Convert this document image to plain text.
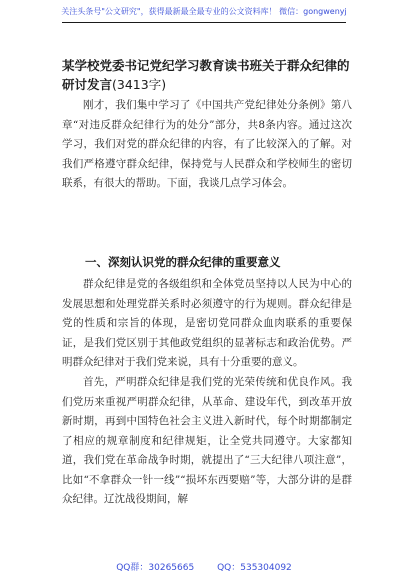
关注头条号"公文研究"，获得最新最全最专业的公文资料库！ 微信：gongwenyj
某学校党委书记党纪学习教育读书班关于群众纪律的研讨发言(3413字)
刚才，我们集中学习了《中国共产党纪律处分条例》第八章“对违反群众纪律行为的处分”部分，共8条内容。通过这次学习，我们对党的群众纪律的内容，有了比较深入的了解。对我们严格遵守群众纪律，保持党与人民群众和学校师生的密切联系，有很大的帮助。下面，我谈几点学习体会。
一、深刻认识党的群众纪律的重要意义
群众纪律是党的各级组织和全体党员坚持以人民为中心的发展思想和处理党群关系时必须遵守的行为规则。群众纪律是党的性质和宗旨的体现，是密切党同群众血肉联系的重要保证，是我们党区别于其他政党组织的显著标志和政治优势。严明群众纪律对于我们党来说，具有十分重要的意义。
首先，严明群众纪律是我们党的光荣传统和优良作风。我们党历来重视严明群众纪律，从革命、建设年代，到改革开放新时期，再到中国特色社会主义进入新时代，每个时期都制定了相应的规章制度和纪律规矩，让全党共同遵守。大家都知道，我们党在革命战争时期，就提出了“三大纪律八项注意”，比如“不拿群众一针一线”“损坏东西要赔”等，大部分讲的是群众纪律。辽沈战役期间，解
QQ群：30265665	QQ：535304092
